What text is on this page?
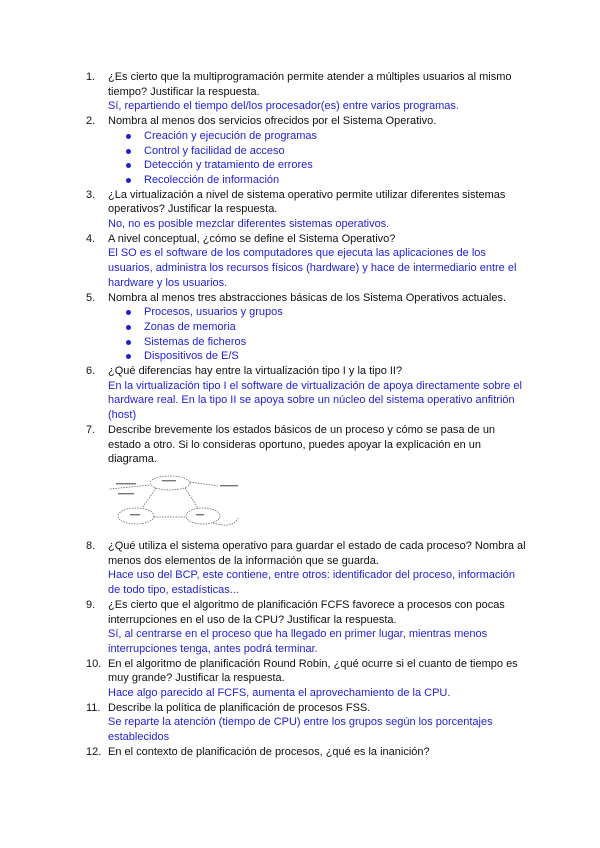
1.	¿Es cierto que la multiprogramación permite atender a múltiples usuarios al mismo tiempo? Justificar la respuesta.
Sí, repartiendo el tiempo del/los procesador(es) entre varios programas.
2.	Nombra al menos dos servicios ofrecidos por el Sistema Operativo.
Creación y ejecución de programas
Control y facilidad de acceso
Detección y tratamiento de errores
Recolección de información
3.	¿La virtualización a nivel de sistema operativo permite utilizar diferentes sistemas operativos? Justificar la respuesta.
No, no es posible mezclar diferentes sistemas operativos.
4.	A nivel conceptual, ¿cómo se define el Sistema Operativo?
El SO es el software de los computadores que ejecuta las aplicaciones de los usuarios, administra los recursos físicos (hardware) y hace de intermediario entre el hardware y los usuarios.
5.	Nombra al menos tres abstracciones básicas de los Sistema Operativos actuales.
Procesos, usuarios y grupos
Zonas de memoria
Sistemas de ficheros
Dispositivos de E/S
6.	¿Qué diferencias hay entre la virtualización tipo I y la tipo II?
En la virtualización tipo I el software de virtualización de apoya directamente sobre el hardware real. En la tipo II se apoya sobre un núcleo del sistema operativo anfitrión (host)
7.	Describe brevemente los estados básicos de un proceso y cómo se pasa de un estado a otro. Si lo consideras oportuno, puedes apoyar la explicación en un diagrama.
8.	¿Qué utiliza el sistema operativo para guardar el estado de cada proceso? Nombra al menos dos elementos de la información que se guarda.
Hace uso del BCP, este contiene, entre otros: identificador del proceso, información de todo tipo, estadísticas...
9.	¿Es cierto que el algoritmo de planificación FCFS favorece a procesos con pocas interrupciones en el uso de la CPU? Justificar la respuesta.
Sí, al centrarse en el proceso que ha llegado en primer lugar, mientras menos interrupciones tenga, antes podrá terminar.
10. En el algoritmo de planificación Round Robin, ¿qué ocurre si el cuanto de tiempo es muy grande? Justificar la respuesta.
Hace algo parecido al FCFS, aumenta el aprovechamiento de la CPU.
11. Describe la política de planificación de procesos FSS.
Se reparte la atención (tiempo de CPU) entre los grupos según los porcentajes establecidos
12. En el contexto de planificación de procesos, ¿qué es la inanición?
